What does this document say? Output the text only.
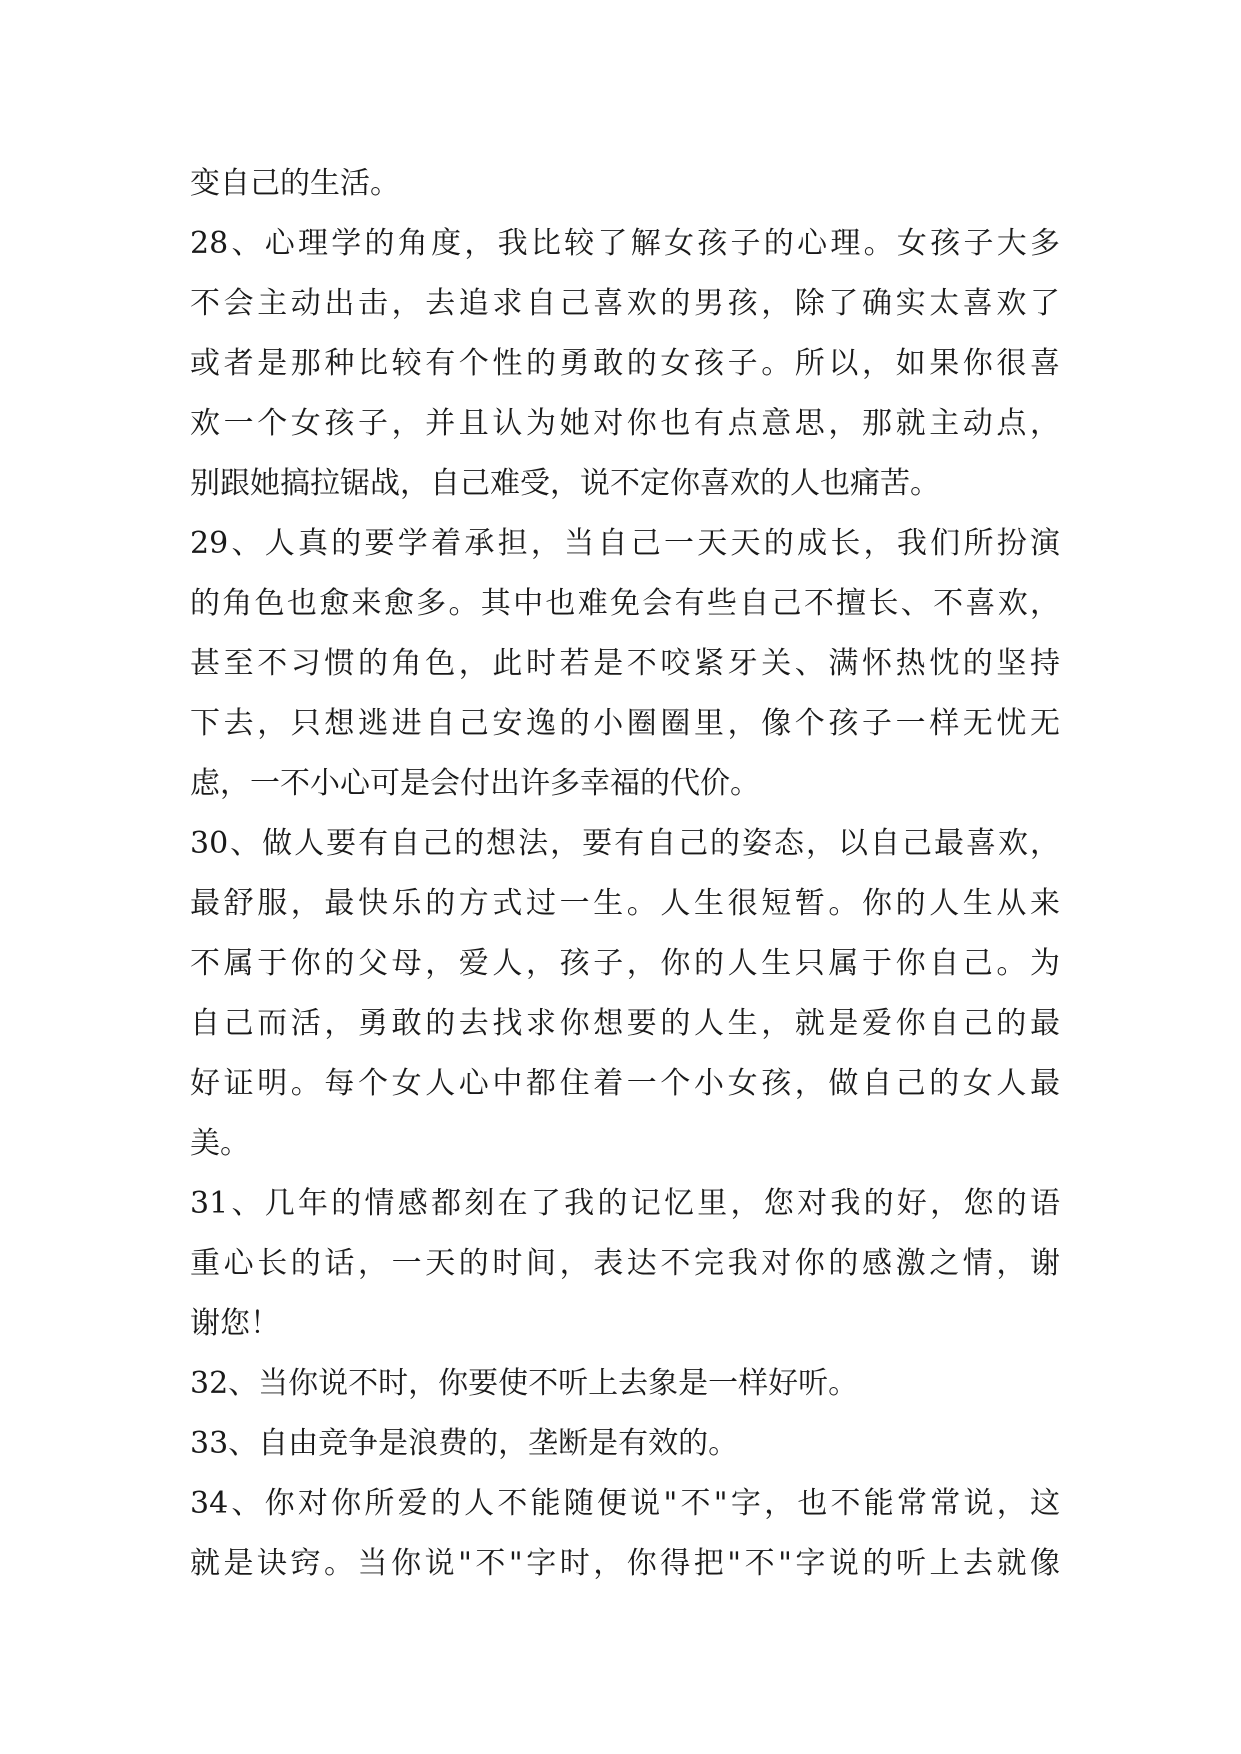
变自己的生活。
28、心理学的角度，我比较了解女孩子的心理。女孩子大多
不会主动出击，去追求自己喜欢的男孩，除了确实太喜欢了
或者是那种比较有个性的勇敢的女孩子。所以，如果你很喜
欢一个女孩子，并且认为她对你也有点意思，那就主动点，
别跟她搞拉锯战，自己难受，说不定你喜欢的人也痛苦。
29、人真的要学着承担，当自己一天天的成长，我们所扮演
的角色也愈来愈多。其中也难免会有些自己不擅长、不喜欢，
甚至不习惯的角色，此时若是不咬紧牙关、满怀热忱的坚持
下去，只想逃进自己安逸的小圈圈里，像个孩子一样无忧无
虑，一不小心可是会付出许多幸福的代价。
30、做人要有自己的想法，要有自己的姿态，以自己最喜欢，
最舒服，最快乐的方式过一生。人生很短暂。你的人生从来
不属于你的父母，爱人，孩子，你的人生只属于你自己。为
自己而活，勇敢的去找求你想要的人生，就是爱你自己的最
好证明。每个女人心中都住着一个小女孩，做自己的女人最
美。
31、几年的情感都刻在了我的记忆里，您对我的好，您的语
重心长的话，一天的时间，表达不完我对你的感激之情，谢
谢您！
32、当你说不时，你要使不听上去象是一样好听。
33、自由竞争是浪费的，垄断是有效的。
34、你对你所爱的人不能随便说"不"字，也不能常常说，这
就是诀窍。当你说"不"字时，你得把"不"字说的听上去就像
